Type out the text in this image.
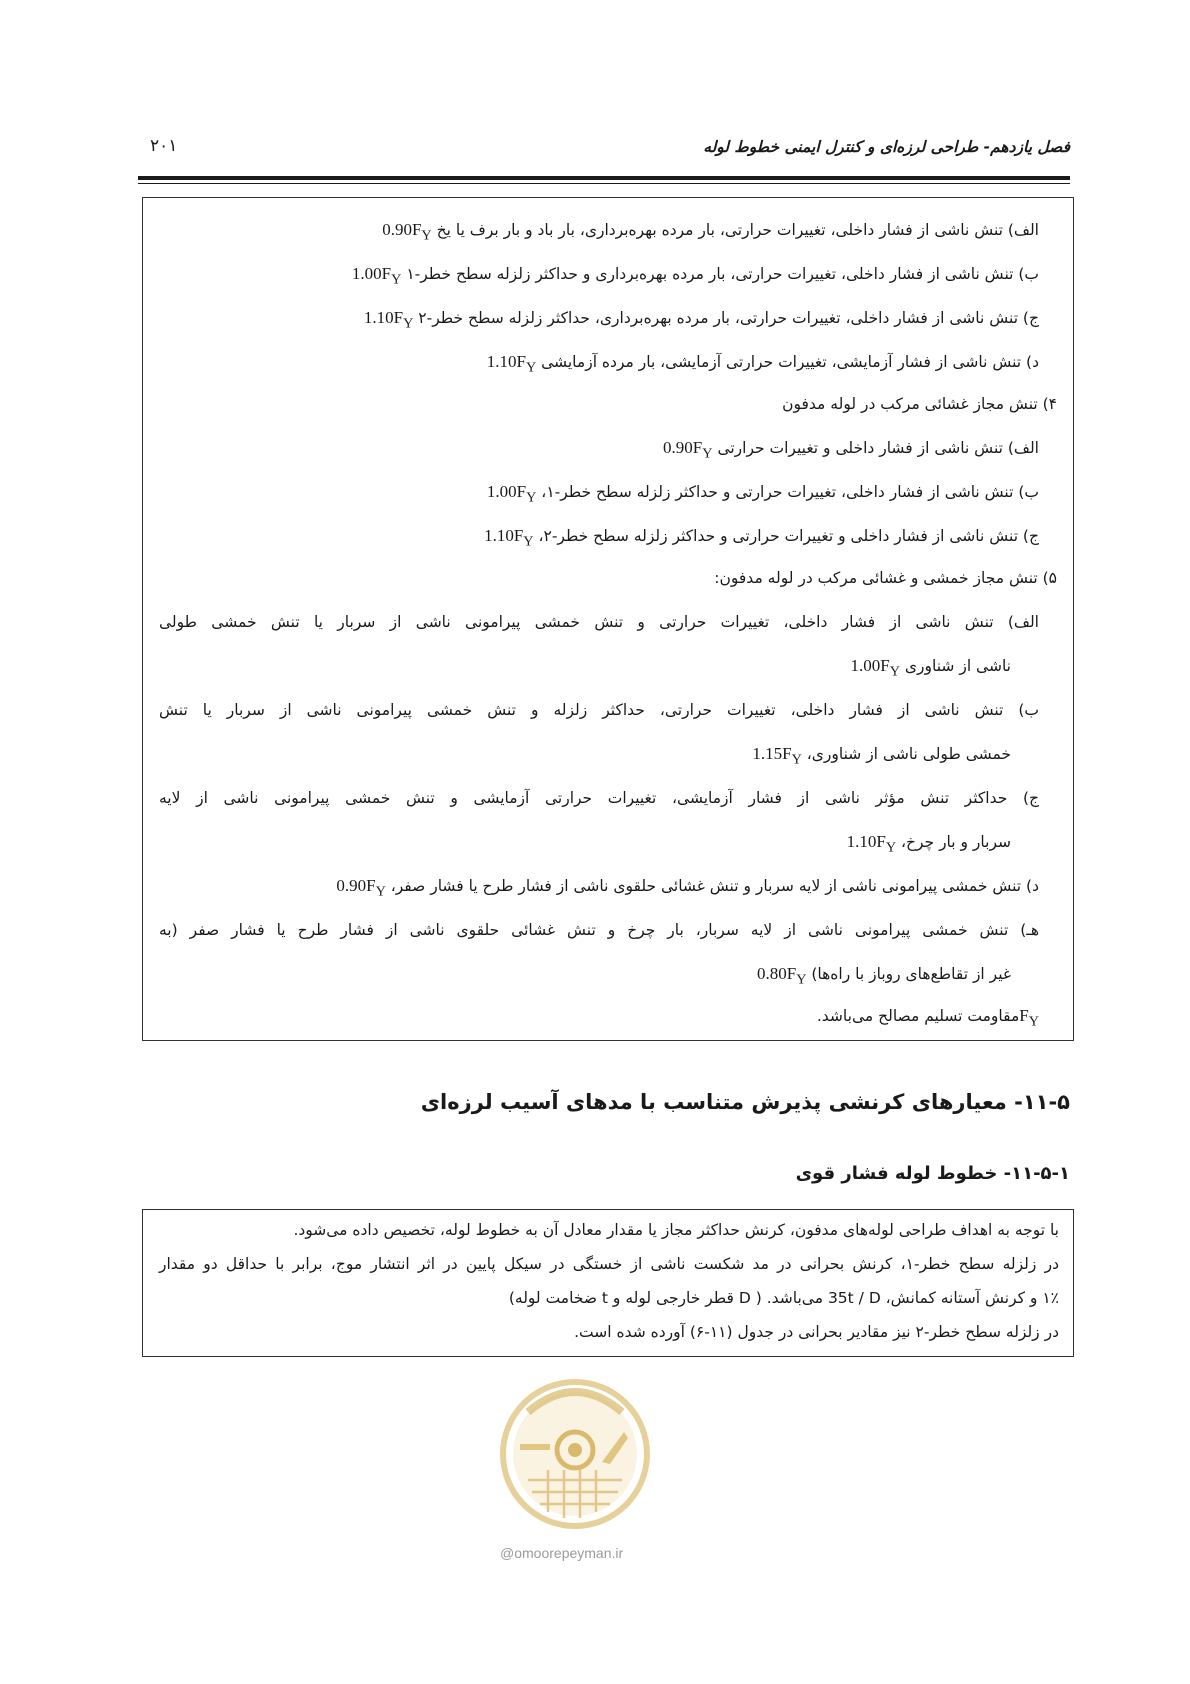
فصل یازدهم- طراحی لرزه‌ای و کنترل ایمنی خطوط لوله
۲۰۱
الف) تنش ناشی از فشار داخلی، تغییرات حرارتی، بار مرده بهره‌برداری، بار باد و بار برف یا یخ $0.90F_Y$
ب) تنش ناشی از فشار داخلی، تغییرات حرارتی، بار مرده بهره‌برداری و حداکثر زلزله سطح خطر-۱ $1.00F_Y$
ج) تنش ناشی از فشار داخلی، تغییرات حرارتی، بار مرده بهره‌برداری، حداکثر زلزله سطح خطر-۲ $1.10F_Y$
د) تنش ناشی از فشار آزمایشی، تغییرات حرارتی آزمایشی، بار مرده آزمایشی $1.10F_Y$
۴) تنش مجاز غشائی مرکب در لوله مدفون
الف) تنش ناشی از فشار داخلی و تغییرات حرارتی $0.90F_Y$
ب) تنش ناشی از فشار داخلی، تغییرات حرارتی و حداکثر زلزله سطح خطر-۱، $1.00F_Y$
ج) تنش ناشی از فشار داخلی و تغییرات حرارتی و حداکثر زلزله سطح خطر-۲، $1.10F_Y$
۵) تنش مجاز خمشی و غشائی مرکب در لوله مدفون:
الف) تنش ناشی از فشار داخلی، تغییرات حرارتی و تنش خمشی پیرامونی ناشی از سربار یا تنش خمشی طولی
ناشی از شناوری $1.00F_Y$
ب) تنش ناشی از فشار داخلی، تغییرات حرارتی، حداکثر زلزله و تنش خمشی پیرامونی ناشی از سربار یا تنش
خمشی طولی ناشی از شناوری، $1.15F_Y$
ج) حداکثر تنش مؤثر ناشی از فشار آزمایشی، تغییرات حرارتی آزمایشی و تنش خمشی پیرامونی ناشی از لایه
سربار و بار چرخ، $1.10F_Y$
د) تنش خمشی پیرامونی ناشی از لایه سربار و تنش غشائی حلقوی ناشی از فشار طرح یا فشار صفر، $0.90F_Y$
هـ) تنش خمشی پیرامونی ناشی از لایه سربار، بار چرخ و تنش غشائی حلقوی ناشی از فشار طرح یا فشار صفر (به
غیر از تقاطع‌های روباز با راه‌ها) $0.80F_Y$
$F_Yمقاومت$ تسلیم مصالح می‌باشد.
۱۱-۵- معیارهای کرنشی پذیرش متناسب با مدهای آسیب لرزه‌ای
۱۱-۵-۱- خطوط لوله فشار قوی
با توجه به اهداف طراحی لوله‌های مدفون، کرنش حداکثر مجاز یا مقدار معادل آن به خطوط لوله، تخصیص داده می‌شود.
در زلزله سطح خطر-۱، کرنش بحرانی در مد شکست ناشی از خستگی در سیکل پایین در اثر انتشار موج، برابر با حداقل دو مقدار
۱٪ و کرنش آستانه کمانش، 35t / D می‌باشد. ( D قطر خارجی لوله و t ضخامت لوله)
در زلزله سطح خطر-۲ نیز مقادیر بحرانی در جدول (۱۱-۶) آورده شده است.
@omoorepeyman.ir
